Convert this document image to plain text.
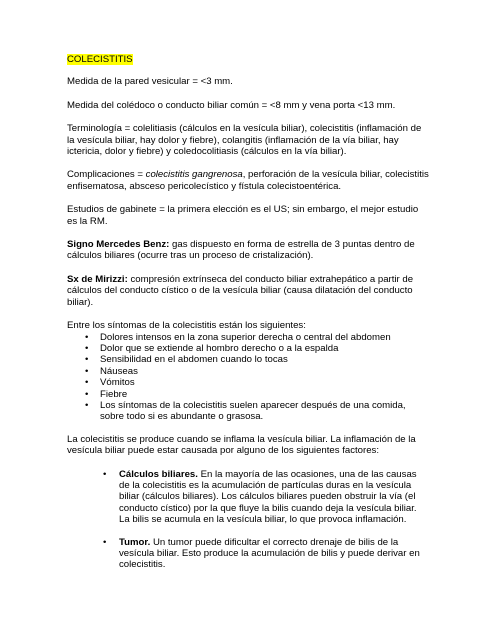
COLECISTITIS

Medida de la pared vesicular = <3 mm.

Medida del colédoco o conducto biliar común = <8 mm y vena porta <13 mm.

Terminología = colelitiasis (cálculos en la vesícula biliar), colecistitis (inflamación de la vesícula biliar, hay dolor y fiebre), colangitis (inflamación de la vía biliar, hay ictericia, dolor y fiebre) y coledocolitiasis (cálculos en la vía biliar).

Complicaciones = colecistitis gangrenosa, perforación de la vesícula biliar, colecistitis enfisematosa, absceso pericolecístico y fístula colecistoentérica.

Estudios de gabinete = la primera elección es el US; sin embargo, el mejor estudio es la RM.

Signo Mercedes Benz: gas dispuesto en forma de estrella de 3 puntas dentro de cálculos biliares (ocurre tras un proceso de cristalización).

Sx de Mirizzi: compresión extrínseca del conducto biliar extrahepático a partir de cálculos del conducto cístico o de la vesícula biliar (causa dilatación del conducto biliar).

Entre los síntomas de la colecistitis están los siguientes:

• Dolores intensos en la zona superior derecha o central del abdomen
• Dolor que se extiende al hombro derecho o a la espalda
• Sensibilidad en el abdomen cuando lo tocas
• Náuseas
• Vómitos
• Fiebre
• Los síntomas de la colecistitis suelen aparecer después de una comida, sobre todo si es abundante o grasosa.

La colecistitis se produce cuando se inflama la vesícula biliar. La inflamación de la vesícula biliar puede estar causada por alguno de los siguientes factores:

• Cálculos biliares. En la mayoría de las ocasiones, una de las causas de la colecistitis es la acumulación de partículas duras en la vesícula biliar (cálculos biliares). Los cálculos biliares pueden obstruir la vía (el conducto cístico) por la que fluye la bilis cuando deja la vesícula biliar. La bilis se acumula en la vesícula biliar, lo que provoca inflamación.
• Tumor. Un tumor puede dificultar el correcto drenaje de bilis de la vesícula biliar. Esto produce la acumulación de bilis y puede derivar en colecistitis.
